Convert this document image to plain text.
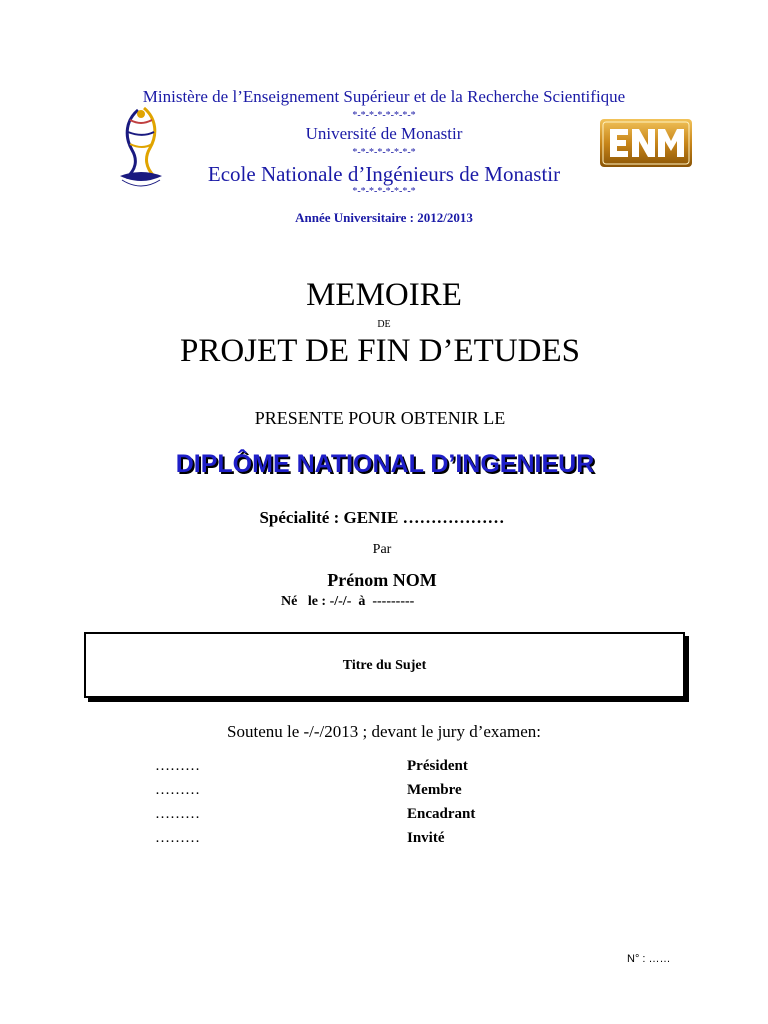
Ministère de l’Enseignement Supérieur et de la Recherche Scientifique
*-*-*-*-*-*-*-*
Université de Monastir
*-*-*-*-*-*-*-*
Ecole Nationale d’Ingénieurs de Monastir
*-*-*-*-*-*-*-*
Année Universitaire : 2012/2013
MEMOIRE
DE
PROJET DE FIN D’ETUDES
PRESENTE POUR OBTENIR LE
DIPLÔME NATIONAL D’INGENIEUR
Spécialité : GENIE ………………
Par
Prénom NOM
Né   le : -/-/-  à  ---------
Titre du Sujet
Soutenu le -/-/2013 ; devant le jury d’examen:
………	Président
………	Membre
………	Encadrant
………	Invité
N° : ……
